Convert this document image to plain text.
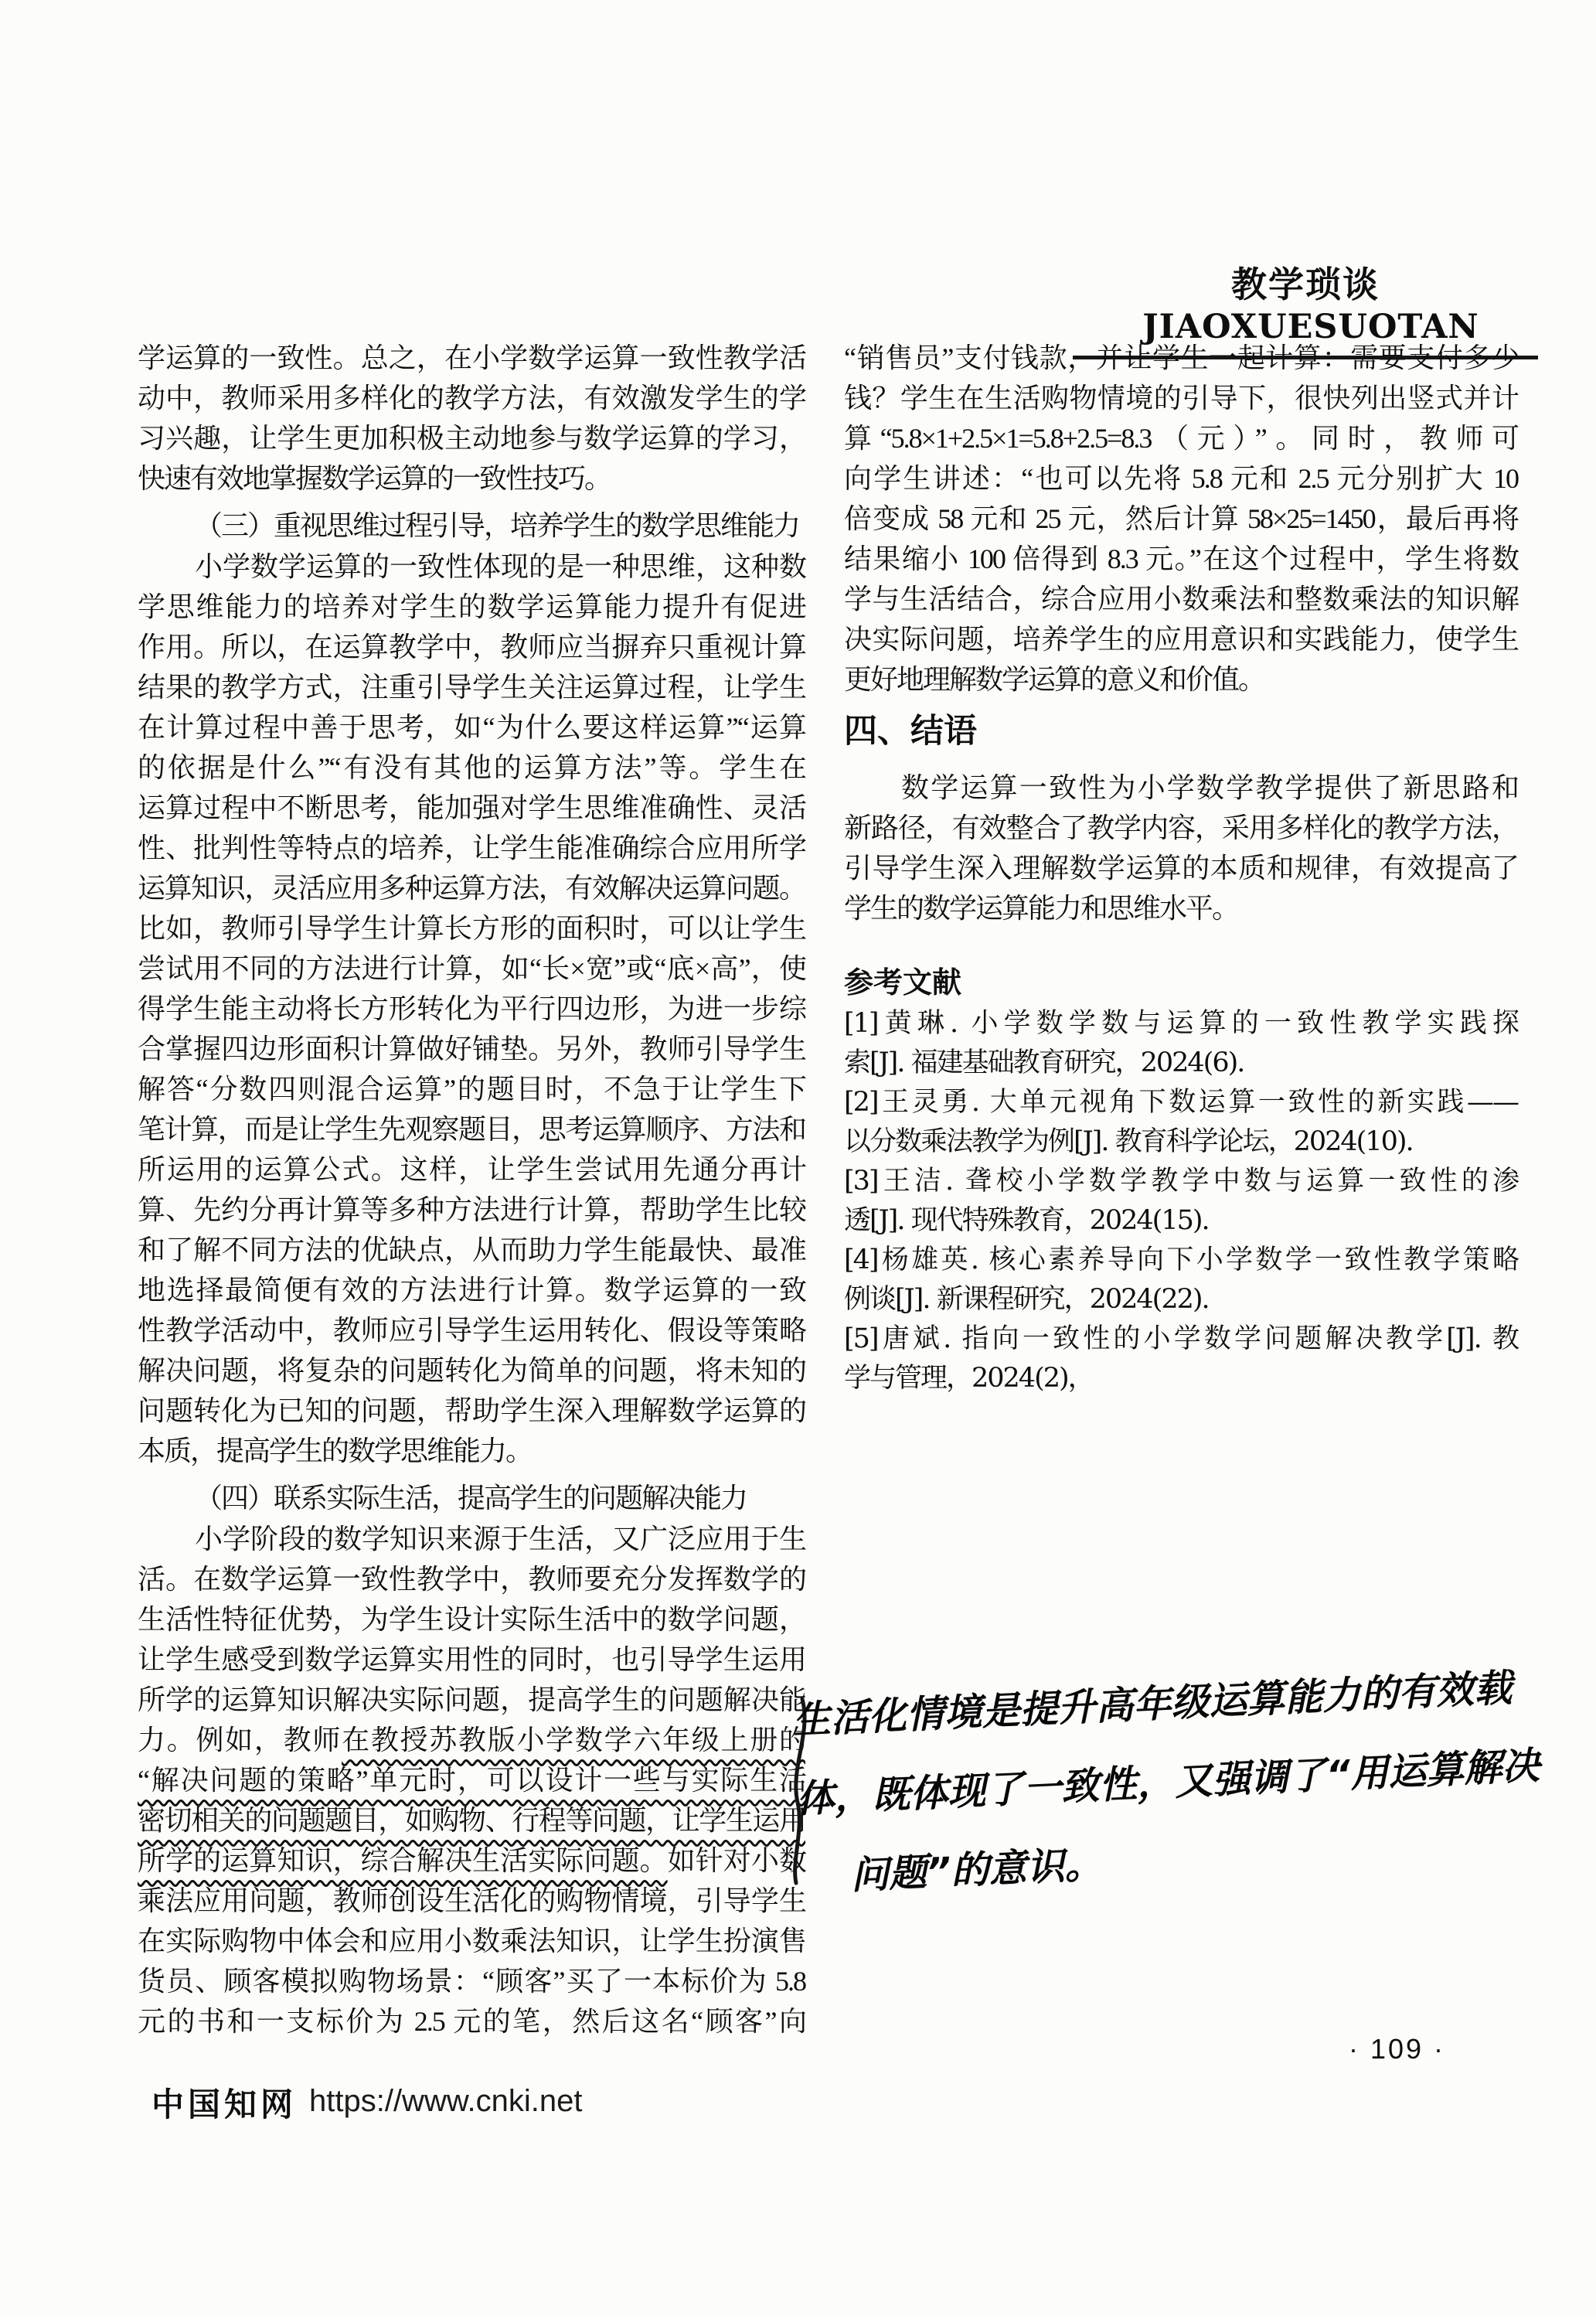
教学琐谈JIAOXUESUOTAN
学运算的一致性。总之，在小学数学运算一致性教学活
动中，教师采用多样化的教学方法，有效激发学生的学
习兴趣，让学生更加积极主动地参与数学运算的学习，
快速有效地掌握数学运算的一致性技巧。
（三）重视思维过程引导，培养学生的数学思维能力
小学数学运算的一致性体现的是一种思维，这种数
学思维能力的培养对学生的数学运算能力提升有促进
作用。所以，在运算教学中，教师应当摒弃只重视计算
结果的教学方式，注重引导学生关注运算过程，让学生
在计算过程中善于思考，如“为什么要这样运算”“运算
的依据是什么”“有没有其他的运算方法”等。学生在
运算过程中不断思考，能加强对学生思维准确性、灵活
性、批判性等特点的培养，让学生能准确综合应用所学
运算知识，灵活应用多种运算方法，有效解决运算问题。
比如，教师引导学生计算长方形的面积时，可以让学生
尝试用不同的方法进行计算，如“长×宽”或“底×高”，使
得学生能主动将长方形转化为平行四边形，为进一步综
合掌握四边形面积计算做好铺垫。另外，教师引导学生
解答“分数四则混合运算”的题目时，不急于让学生下
笔计算，而是让学生先观察题目，思考运算顺序、方法和
所运用的运算公式。这样，让学生尝试用先通分再计
算、先约分再计算等多种方法进行计算，帮助学生比较
和了解不同方法的优缺点，从而助力学生能最快、最准
地选择最简便有效的方法进行计算。数学运算的一致
性教学活动中，教师应引导学生运用转化、假设等策略
解决问题，将复杂的问题转化为简单的问题，将未知的
问题转化为已知的问题，帮助学生深入理解数学运算的
本质，提高学生的数学思维能力。
（四）联系实际生活，提高学生的问题解决能力
小学阶段的数学知识来源于生活，又广泛应用于生
活。在数学运算一致性教学中，教师要充分发挥数学的
生活性特征优势，为学生设计实际生活中的数学问题，
让学生感受到数学运算实用性的同时，也引导学生运用
所学的运算知识解决实际问题，提高学生的问题解决能
力。例如，教师在教授苏教版小学数学六年级上册的
“解决问题的策略”单元时，可以设计一些与实际生活
密切相关的问题题目，如购物、行程等问题，让学生运用
所学的运算知识，综合解决生活实际问题。如针对小数
乘法应用问题，教师创设生活化的购物情境，引导学生
在实际购物中体会和应用小数乘法知识，让学生扮演售
货员、顾客模拟购物场景：“顾客”买了一本标价为 5.8
元的书和一支标价为 2.5 元的笔，然后这名“顾客”向
“销售员”支付钱款，并让学生一起计算：需要支付多少
钱？学生在生活购物情境的引导下，很快列出竖式并计
算“5.8×1+2.5×1=5.8+2.5=8.3（元）”。同时，教师可
向学生讲述：“也可以先将 5.8 元和 2.5 元分别扩大 10
倍变成 58 元和 25 元，然后计算 58×25=1450，最后再将
结果缩小 100 倍得到 8.3 元。”在这个过程中，学生将数
学与生活结合，综合应用小数乘法和整数乘法的知识解
决实际问题，培养学生的应用意识和实践能力，使学生
更好地理解数学运算的意义和价值。
四、结语
数学运算一致性为小学数学教学提供了新思路和
新路径，有效整合了教学内容，采用多样化的教学方法，
引导学生深入理解数学运算的本质和规律，有效提高了
学生的数学运算能力和思维水平。
参考文献
[1]黄琳. 小学数学数与运算的一致性教学实践探
索[J]. 福建基础教育研究，2024(6).
[2]王灵勇. 大单元视角下数运算一致性的新实践——
以分数乘法教学为例[J]. 教育科学论坛，2024(10).
[3]王洁. 聋校小学数学教学中数与运算一致性的渗
透[J]. 现代特殊教育，2024(15).
[4]杨雄英. 核心素养导向下小学数学一致性教学策略
例谈[J]. 新课程研究，2024(22).
[5]唐斌. 指向一致性的小学数学问题解决教学[J]. 教
学与管理，2024(2)，
生活化情境是提升高年级运算能力的有效载
体，既体现了一致性，又强调了“用运算解决
问题”的意识。
中国知网 https://www.cnki.net
· 109 ·
